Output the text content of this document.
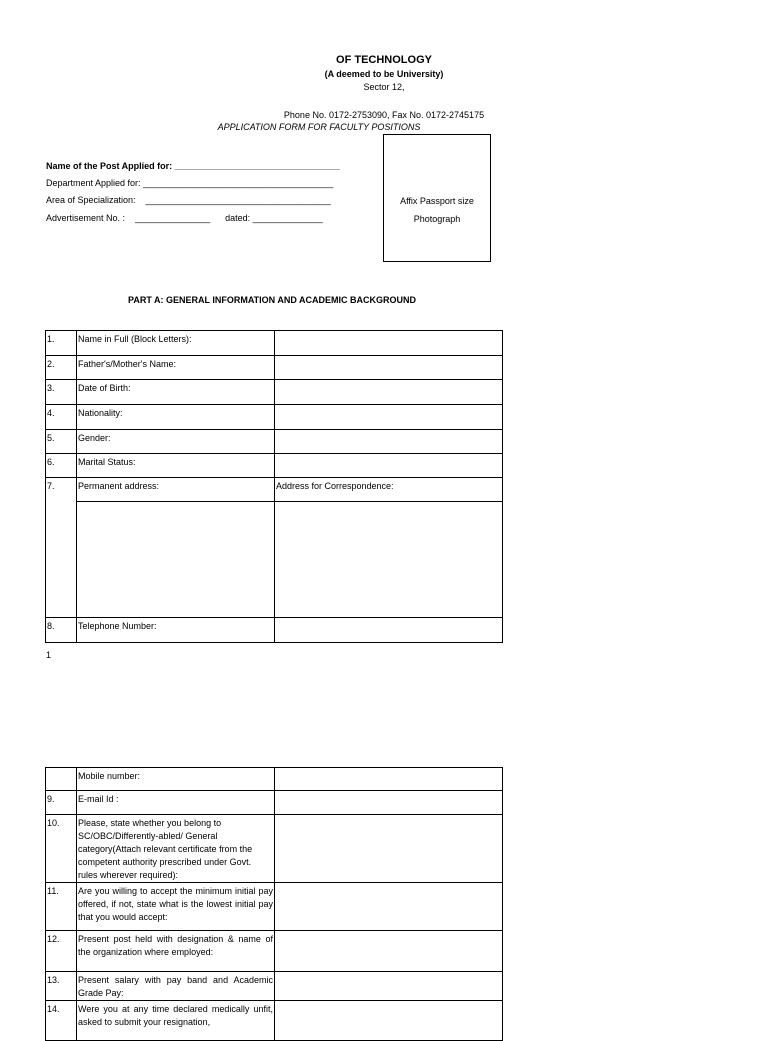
OF TECHNOLOGY
(A deemed to be University)
Sector 12,
Phone No. 0172-2753090, Fax No. 0172-2745175
APPLICATION FORM FOR FACULTY POSITIONS
Name of the Post Applied for: _________________________________
Department Applied for: ______________________________________
Area of Specialization:    _____________________________________
Advertisement No. :    _______________      dated: ______________
Affix Passport size
Photograph
PART A: GENERAL INFORMATION AND ACADEMIC BACKGROUND
1.	Name in Full (Block Letters):	
2.	Father's/Mother's Name:	
3.	Date of Birth:	
4.	Nationality:	
5.	Gender:	
6.	Marital Status:	
7.	Permanent address:	Address for Correspondence:

8.	Telephone Number:	
1
	Mobile number:	
9.	E-mail Id :	
10.	Please, state whether you belong to SC/OBC/Differently-abled/ General category(Attach relevant certificate from the competent authority prescribed under Govt. rules wherever required):	
11.	Are you willing to accept the minimum initial pay offered, if not, state what is the lowest initial pay that you would accept:	
12.	Present post held with designation & name of the organization where employed:	
13.	Present salary with pay band and Academic Grade Pay:	
14.	Were you at any time declared medically unfit, asked to submit your resignation,	
